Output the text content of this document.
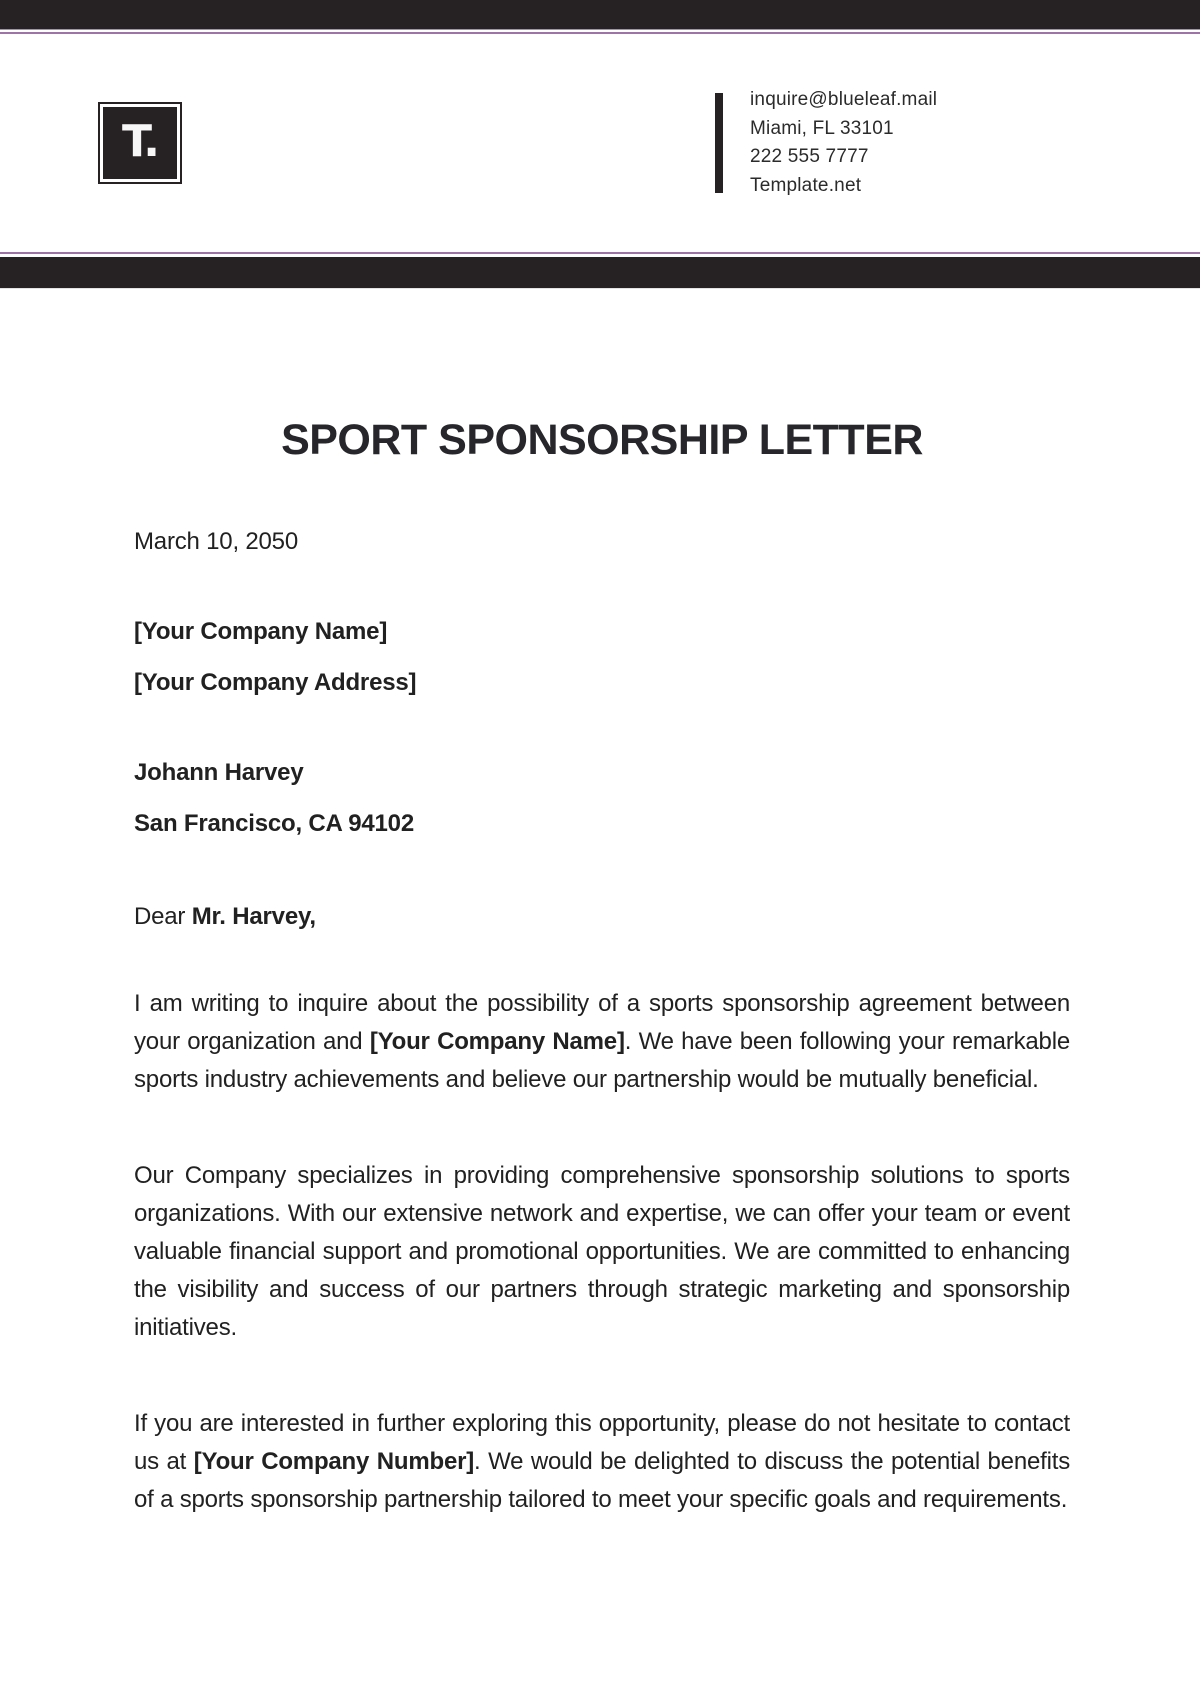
T.

inquire@blueleaf.mail

Miami, FL 33101

222 555 7777

Template.net

SPORT SPONSORSHIP LETTER

March 10, 2050

[Your Company Name]

[Your Company Address]

Johann Harvey

San Francisco, CA 94102

Dear Mr. Harvey,

I am writing to inquire about the possibility of a sports sponsorship agreement between your organization and [Your Company Name]. We have been following your remarkable sports industry achievements and believe our partnership would be mutually beneficial.

Our Company specializes in providing comprehensive sponsorship solutions to sports organizations. With our extensive network and expertise, we can offer your team or event valuable financial support and promotional opportunities. We are committed to enhancing the visibility and success of our partners through strategic marketing and sponsorship initiatives.

If you are interested in further exploring this opportunity, please do not hesitate to contact us at [Your Company Number]. We would be delighted to discuss the potential benefits of a sports sponsorship partnership tailored to meet your specific goals and requirements.
